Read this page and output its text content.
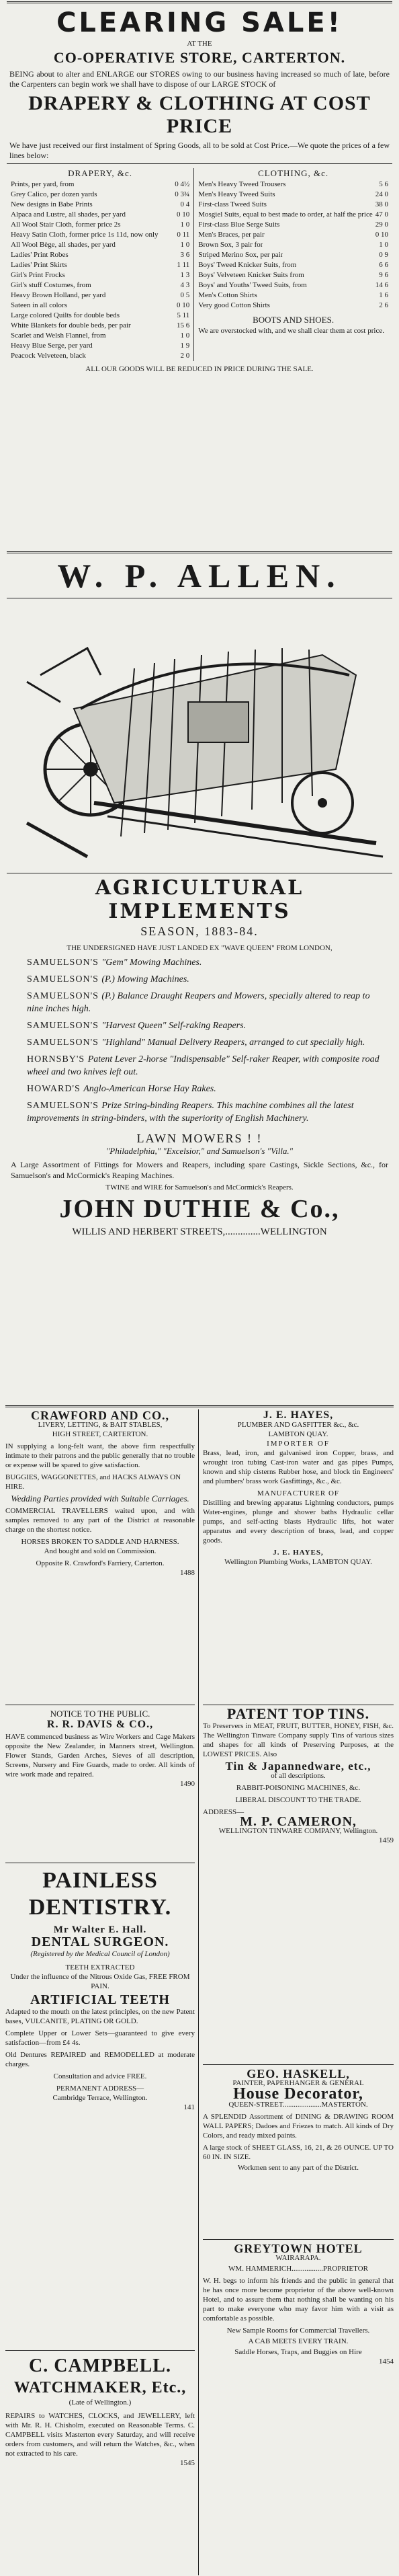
CLEARING SALE!
AT THE
CO-OPERATIVE STORE, CARTERTON.

BEING about to alter and ENLARGE our STORES owing to our business having increased so much of late, before the Carpenters can begin work we shall have to dispose of our LARGE STOCK of

DRAPERY & CLOTHING AT COST PRICE

We have just received our first instalment of Spring Goods, all to be sold at Cost Price.—We quote the prices of a few lines below:

DRAPERY, &c.
Prints, per yard, from	0 4½
Grey Calico, per dozen yards	0 3¾
New designs in Babe Prints	0 4
Alpaca and Lustre, all shades, per yard	0 10
All Wool Stair Cloth, former price 2s	1 0
Heavy Satin Cloth, former price 1s 11d, now only	0 11
All Wool Bège, all shades, per yard	1 0
Ladies' Print Robes	3 6
Ladies' Print Skirts	1 11
Girl's Print Frocks	1 3
Girl's stuff Costumes, from	4 3
Heavy Brown Holland, per yard	0 5
Sateen in all colors	0 10
Large colored Quilts for double beds	5 11
White Blankets for double beds, per pair	15 6
Scarlet and Welsh Flannel, from	1 0
Heavy Blue Serge, per yard	1 9
Peacock Velveteen, black	2 0
CLOTHING, &c.
Men's Heavy Tweed Trousers	5 6
Men's Heavy Tweed Suits	24 0
First-class Tweed Suits	38 0
Mosgiel Suits, equal to best made to order, at half the price 47 0
First-class Blue Serge Suits	29 0
Men's Braces, per pair	0 10
Brown Sox, 3 pair for	1 0
Striped Merino Sox, per pair	0 9
Boys' Tweed Knicker Suits, from	6 6
Boys' Velveteen Knicker Suits from	9 6
Boys' and Youths' Tweed Suits, from	14 6
Men's Cotton Shirts	1 6
Very good Cotton Shirts	2 6
BOOTS AND SHOES.

We are overstocked with, and we shall clear them at cost price.

ALL OUR GOODS WILL BE REDUCED IN PRICE DURING THE SALE.
W. P. ALLEN.
AGRICULTURAL IMPLEMENTS
SEASON, 1883-84.
THE UNDERSIGNED HAVE JUST LANDED EX "WAVE QUEEN" FROM LONDON,

SAMUELSON'S "Gem" Mowing Machines.

SAMUELSON'S (P.) Mowing Machines.

SAMUELSON'S (P.) Balance Draught Reapers and Mowers, specially altered to reap to nine inches high.

SAMUELSON'S "Harvest Queen" Self-raking Reapers.

SAMUELSON'S "Highland" Manual Delivery Reapers, arranged to cut specially high.

HORNSBY'S Patent Lever 2-horse "Indispensable" Self-raker Reaper, with composite road wheel and two knives left out.

HOWARD'S Anglo-American Horse Hay Rakes.

SAMUELSON'S Prize String-binding Reapers. This machine combines all the latest improvements in string-binders, with the superiority of English Machinery.

LAWN MOWERS ! !
"Philadelphia," "Excelsior," and Samuelson's "Villa."

A Large Assortment of Fittings for Mowers and Reapers, including spare Castings, Sickle Sections, &c., for Samuelson's and McCormick's Reaping Machines.

TWINE and WIRE for Samuelson's and McCormick's Reapers.
JOHN DUTHIE & Co.,
WILLIS AND HERBERT STREETS,..............WELLINGTON
CRAWFORD AND CO.,
LIVERY, LETTING, & BAIT STABLES,
HIGH STREET, CARTERTON.

IN supplying a long-felt want, the above firm respectfully intimate to their patrons and the public generally that no trouble or expense will be spared to give satisfaction.

BUGGIES, WAGGONETTES, and HACKS ALWAYS ON HIRE.

Wedding Parties provided with Suitable Carriages.

COMMERCIAL TRAVELLERS waited upon, and with samples removed to any part of the District at reasonable charge on the shortest notice.

HORSES BROKEN TO SADDLE AND HARNESS.

And bought and sold on Commission.

Opposite R. Crawford's Farriery, Carterton.

1488

J. E. HAYES,
PLUMBER AND GASFITTER &c., &c.
LAMBTON QUAY.
IMPORTER OF

Brass, lead, iron, and galvanised iron Copper, brass, and wrought iron tubing Cast-iron water and gas pipes Pumps, known and ship cisterns Rubber hose, and block tin Engineers' and plumbers' brass work Gasfittings, &c., &c.

MANUFACTURER OF

Distilling and brewing apparatus Lightning conductors, pumps Water-engines, plunge and shower baths Hydraulic cellar pumps, and self-acting blasts Hydraulic lifts, hot water apparatus and every description of brass, lead, and copper goods.

J. E. HAYES,
Wellington Plumbing Works, LAMBTON QUAY.
NOTICE TO THE PUBLIC.
R. R. DAVIS & CO.,

HAVE commenced business as Wire Workers and Cage Makers opposite the New Zealander, in Manners street, Wellington. Flower Stands, Garden Arches, Sieves of all description, Screens, Nursery and Fire Guards, made to order. All kinds of wire work made and repaired.

1490

PATENT TOP TINS.

To Preservers in MEAT, FRUIT, BUTTER, HONEY, FISH, &c. The Wellington Tinware Company supply Tins of various sizes and shapes for all kinds of Preserving Purposes, at the LOWEST PRICES. Also

Tin & Japannedware, etc.,
of all descriptions.
RABBIT-POISONING MACHINES, &c.
LIBERAL DISCOUNT TO THE TRADE.
ADDRESS—
M. P. CAMERON,
WELLINGTON TINWARE COMPANY, Wellington.

1459

PAINLESS DENTISTRY.
Mr Walter E. Hall.
DENTAL SURGEON.
(Registered by the Medical Council of London)
TEETH EXTRACTED
Under the influence of the Nitrous Oxide Gas, FREE FROM PAIN.
ARTIFICIAL TEETH

Adapted to the mouth on the latest principles, on the new Patent bases, VULCANITE, PLATING OR GOLD.

Complete Upper or Lower Sets—guaranteed to give every satisfaction—from £4 4s.

Old Dentures REPAIRED and REMODELLED at moderate charges.

Consultation and advice FREE.

PERMANENT ADDRESS—

Cambridge Terrace, Wellington.

141

GEO. HASKELL,
PAINTER, PAPERHANGER & GENERAL
House Decorator,
QUEEN-STREET.....................MASTERTON.

A SPLENDID Assortment of DINING & DRAWING ROOM WALL PAPERS; Dadoes and Friezes to match. All kinds of Dry Colors, and ready mixed paints.

A large stock of SHEET GLASS, 16, 21, & 26 OUNCE. UP TO 60 IN. IN SIZE.

Workmen sent to any part of the District.

GREYTOWN HOTEL
WAIRARAPA.
WM. HAMMERICH.................PROPRIETOR

W. H. begs to inform his friends and the public in general that he has once more become proprietor of the above well-known Hotel, and to assure them that nothing shall be wanting on his part to make everyone who may favor him with a visit as comfortable as possible.

New Sample Rooms for Commercial Travellers.

A CAB MEETS EVERY TRAIN.

Saddle Horses, Traps, and Buggies on Hire

1454

C. CAMPBELL.
WATCHMAKER, Etc.,
(Late of Wellington.)

REPAIRS to WATCHES, CLOCKS, and JEWELLERY, left with Mr. R. H. Chisholm, executed on Reasonable Terms. C. CAMPBELL visits Masterton every Saturday, and will receive orders from customers, and will return the Watches, &c., when not extracted to his care.

1545
